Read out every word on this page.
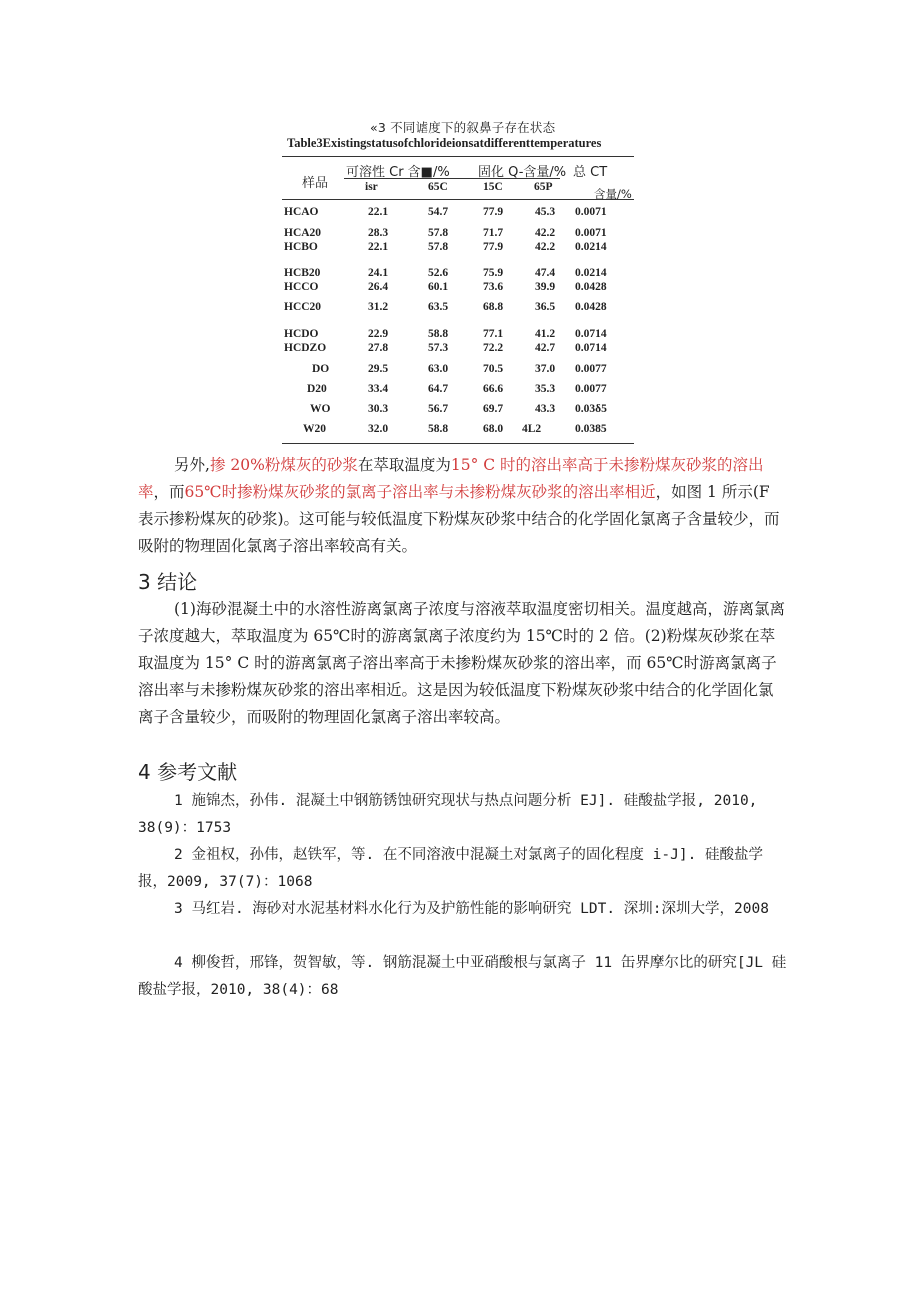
«3 不同谑度下的叙鼻子存在状态
Table3Existingstatusofchlorideionsatdifferenttemperatures
样品
可溶性 Cr 含■/% 固化 Q-含量/% 总 CT
isr	65C	15C	65P	含量/%
HCAO	22.1	54.7	77.9	45.3 0.0071
HCA20	28.3	57.8	71.7	42.2 0.0071
HCBO	22.1	57.8	77.9	42.2 0.0214
HCB20	24.1	52.6	75.9	47.4 0.0214
HCCO	26.4	60.1	73.6	39.9 0.0428
HCC20	31.2	63.5	68.8	36.5 0.0428
HCDO	22.9	58.8	77.1	41.2 0.0714
HCDZO	27.8	57.3	72.2	42.7 0.0714
DO	29.5	63.0	70.5	37.0 0.0077
D20	33.4	64.7	66.6	35.3 0.0077
WO	30.3	56.7	69.7	43.3 0.03δ5
W20	32.0	58.8	68.0 4L2	0.0385
另外,掺 20%粉煤灰的砂浆在萃取温度为15° C 时的溶出率高于未掺粉煤灰砂浆的溶出率，而65℃时掺粉煤灰砂浆的氯离子溶出率与未掺粉煤灰砂浆的溶出率相近，如图 1 所示(F 表示掺粉煤灰的砂浆)。这可能与较低温度下粉煤灰砂浆中结合的化学固化氯离子含量较少，而吸附的物理固化氯离子溶出率较高有关。
3 结论
(1)海砂混凝土中的水溶性游离氯离子浓度与溶液萃取温度密切相关。温度越高，游离氯离子浓度越大，萃取温度为 65℃时的游离氯离子浓度约为 15℃时的 2 倍。(2)粉煤灰砂浆在萃取温度为 15° C 时的游离氯离子溶出率高于未掺粉煤灰砂浆的溶出率，而 65℃时游离氯离子溶出率与未掺粉煤灰砂浆的溶出率相近。这是因为较低温度下粉煤灰砂浆中结合的化学固化氯离子含量较少，而吸附的物理固化氯离子溶出率较高。
4 参考文献
1 施锦杰，孙伟. 混凝土中钢筋锈蚀研究现状与热点问题分析 EJ]. 硅酸盐学报, 2010, 38(9)：1753
2 金祖权，孙伟，赵铁军，等. 在不同溶液中混凝土对氯离子的固化程度 i-J]. 硅酸盐学报，2009, 37(7)：1068
3 马红岩. 海砂对水泥基材料水化行为及护筋性能的影响研究 LDT. 深圳:深圳大学，2008
4 柳俊哲，邢锋，贺智敏，等. 钢筋混凝土中亚硝酸根与氯离子 11 缶界摩尔比的研究[JL 硅酸盐学报，2010, 38(4)：68
